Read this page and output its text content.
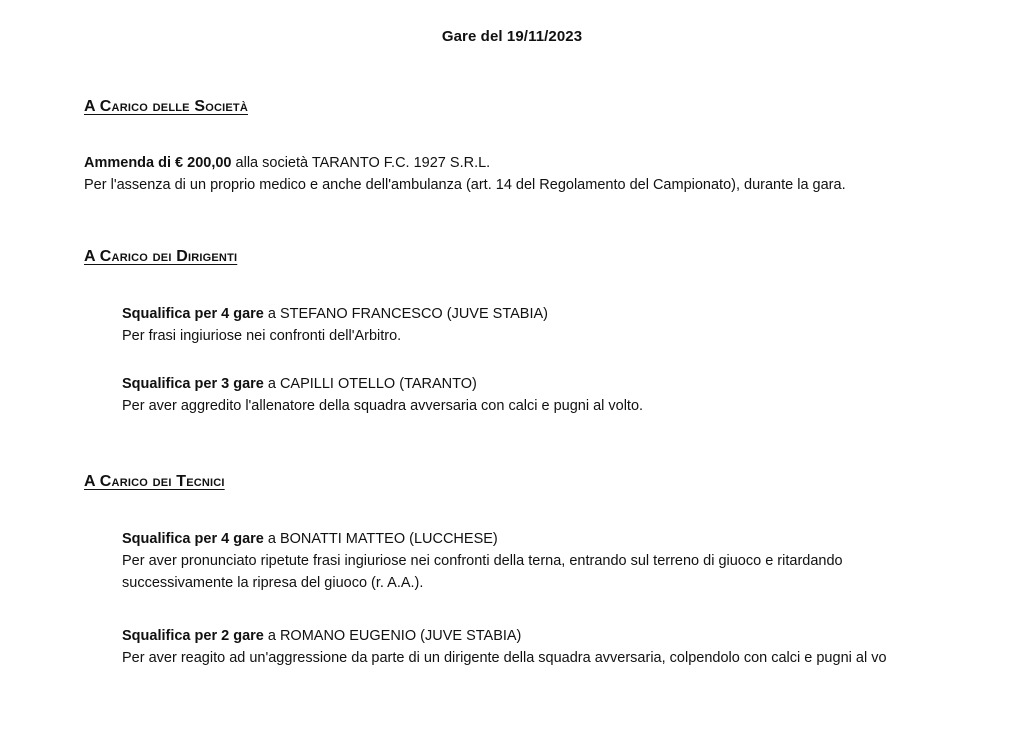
Gare del 19/11/2023
A Carico delle Società
Ammenda di € 200,00 alla società TARANTO F.C. 1927 S.R.L.
Per l'assenza di un proprio medico e anche dell'ambulanza (art. 14 del Regolamento del Campionato), durante la gara.
A Carico dei Dirigenti
Squalifica per 4 gare a STEFANO FRANCESCO (JUVE STABIA)
Per frasi ingiuriose nei confronti dell'Arbitro.
Squalifica per 3 gare a CAPILLI OTELLO (TARANTO)
Per aver aggredito l'allenatore della squadra avversaria con calci e pugni al volto.
A Carico dei Tecnici
Squalifica per 4 gare a BONATTI MATTEO (LUCCHESE)
Per aver pronunciato ripetute frasi ingiuriose nei confronti della terna, entrando sul terreno di giuoco e ritardando
successivamente la ripresa del giuoco (r. A.A.).
Squalifica per 2 gare a ROMANO EUGENIO (JUVE STABIA)
Per aver reagito ad un'aggressione da parte di un dirigente della squadra avversaria, colpendolo con calci e pugni al vo
